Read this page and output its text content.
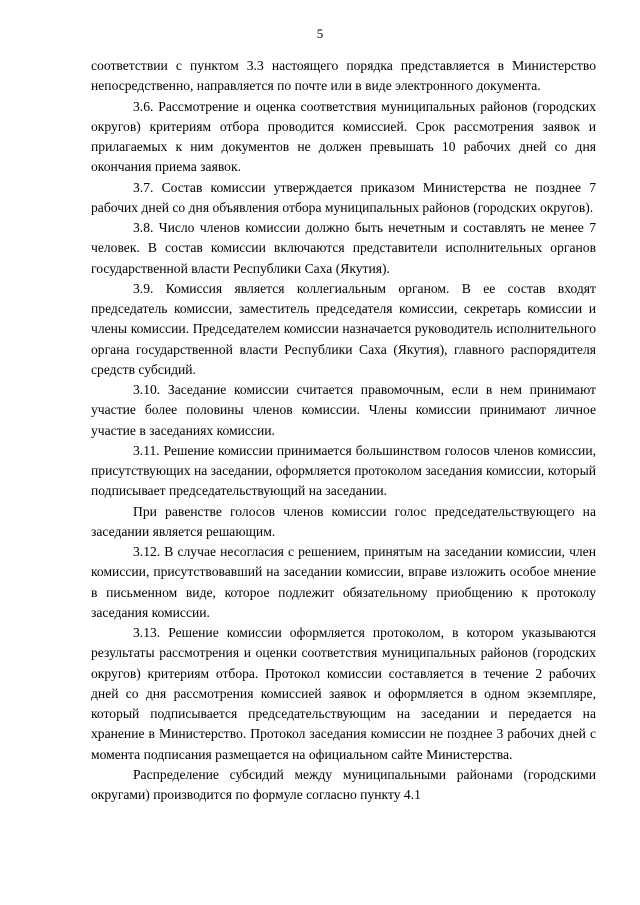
5

соответствии с пунктом 3.3 настоящего порядка представляется в Министерство непосредственно, направляется по почте или в виде электронного документа.

3.6. Рассмотрение и оценка соответствия муниципальных районов (городских округов) критериям отбора проводится комиссией. Срок рассмотрения заявок и прилагаемых к ним документов не должен превышать 10 рабочих дней со дня окончания приема заявок.

3.7. Состав комиссии утверждается приказом Министерства не позднее 7 рабочих дней со дня объявления отбора муниципальных районов (городских округов).

3.8. Число членов комиссии должно быть нечетным и составлять не менее 7 человек. В состав комиссии включаются представители исполнительных органов государственной власти Республики Саха (Якутия).

3.9. Комиссия является коллегиальным органом. В ее состав входят председатель комиссии, заместитель председателя комиссии, секретарь комиссии и члены комиссии. Председателем комиссии назначается руководитель исполнительного органа государственной власти Республики Саха (Якутия), главного распорядителя средств субсидий.

3.10. Заседание комиссии считается правомочным, если в нем принимают участие более половины членов комиссии. Члены комиссии принимают личное участие в заседаниях комиссии.

3.11. Решение комиссии принимается большинством голосов членов комиссии, присутствующих на заседании, оформляется протоколом заседания комиссии, который подписывает председательствующий на заседании.

При равенстве голосов членов комиссии голос председательствующего на заседании является решающим.

3.12. В случае несогласия с решением, принятым на заседании комиссии, член комиссии, присутствовавший на заседании комиссии, вправе изложить особое мнение в письменном виде, которое подлежит обязательному приобщению к протоколу заседания комиссии.

3.13. Решение комиссии оформляется протоколом, в котором указываются результаты рассмотрения и оценки соответствия муниципальных районов (городских округов) критериям отбора. Протокол комиссии составляется в течение 2 рабочих дней со дня рассмотрения комиссией заявок и оформляется в одном экземпляре, который подписывается председательствующим на заседании и передается на хранение в Министерство. Протокол заседания комиссии не позднее 3 рабочих дней с момента подписания размещается на официальном сайте Министерства.

Распределение субсидий между муниципальными районами (городскими округами) производится по формуле согласно пункту 4.1
